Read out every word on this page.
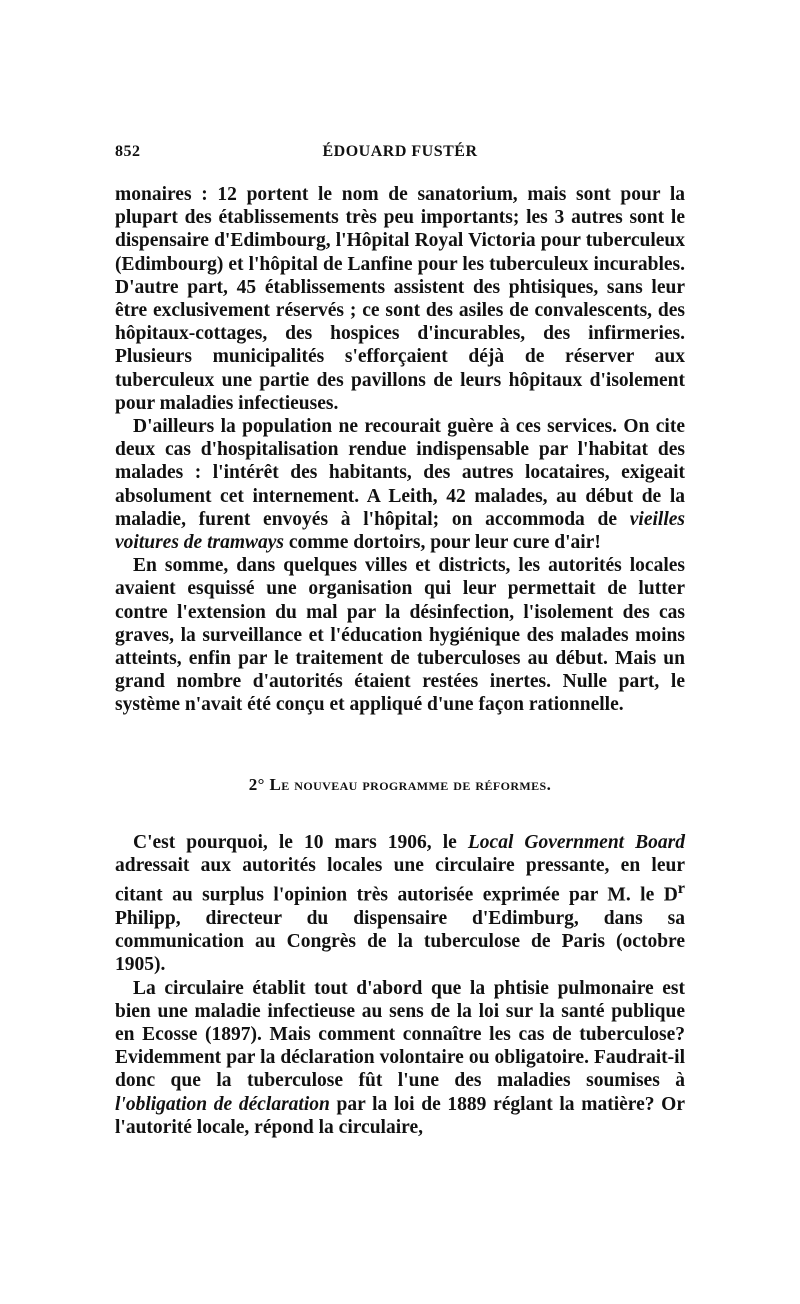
852	ÉDOUARD FUSTÉR

monaires : 12 portent le nom de sanatorium, mais sont pour la plupart des établissements très peu importants; les 3 autres sont le dispensaire d'Edimbourg, l'Hôpital Royal Victoria pour tuberculeux (Edimbourg) et l'hôpital de Lanfine pour les tuberculeux incurables. D'autre part, 45 établissements assistent des phtisiques, sans leur être exclusivement réservés ; ce sont des asiles de convalescents, des hôpitaux-cottages, des hospices d'incurables, des infirmeries. Plusieurs municipalités s'efforçaient déjà de réserver aux tuberculeux une partie des pavillons de leurs hôpitaux d'isolement pour maladies infectieuses.

D'ailleurs la population ne recourait guère à ces services. On cite deux cas d'hospitalisation rendue indispensable par l'habitat des malades : l'intérêt des habitants, des autres locataires, exigeait absolument cet internement. A Leith, 42 malades, au début de la maladie, furent envoyés à l'hôpital; on accommoda de vieilles voitures de tramways comme dortoirs, pour leur cure d'air!

En somme, dans quelques villes et districts, les autorités locales avaient esquissé une organisation qui leur permettait de lutter contre l'extension du mal par la désinfection, l'isolement des cas graves, la surveillance et l'éducation hygiénique des malades moins atteints, enfin par le traitement de tuberculoses au début. Mais un grand nombre d'autorités étaient restées inertes. Nulle part, le système n'avait été conçu et appliqué d'une façon rationnelle.

2° Le nouveau programme de réformes.

C'est pourquoi, le 10 mars 1906, le Local Government Board adressait aux autorités locales une circulaire pressante, en leur citant au surplus l'opinion très autorisée exprimée par M. le $D^r$ Philipp, directeur du dispensaire d'Edimburg, dans sa communication au Congrès de la tuberculose de Paris (octobre 1905).

La circulaire établit tout d'abord que la phtisie pulmonaire est bien une maladie infectieuse au sens de la loi sur la santé publique en Ecosse (1897). Mais comment connaître les cas de tuberculose? Evidemment par la déclaration volontaire ou obligatoire. Faudrait-il donc que la tuberculose fût l'une des maladies soumises à l'obligation de déclaration par la loi de 1889 réglant la matière? Or l'autorité locale, répond la circulaire,
